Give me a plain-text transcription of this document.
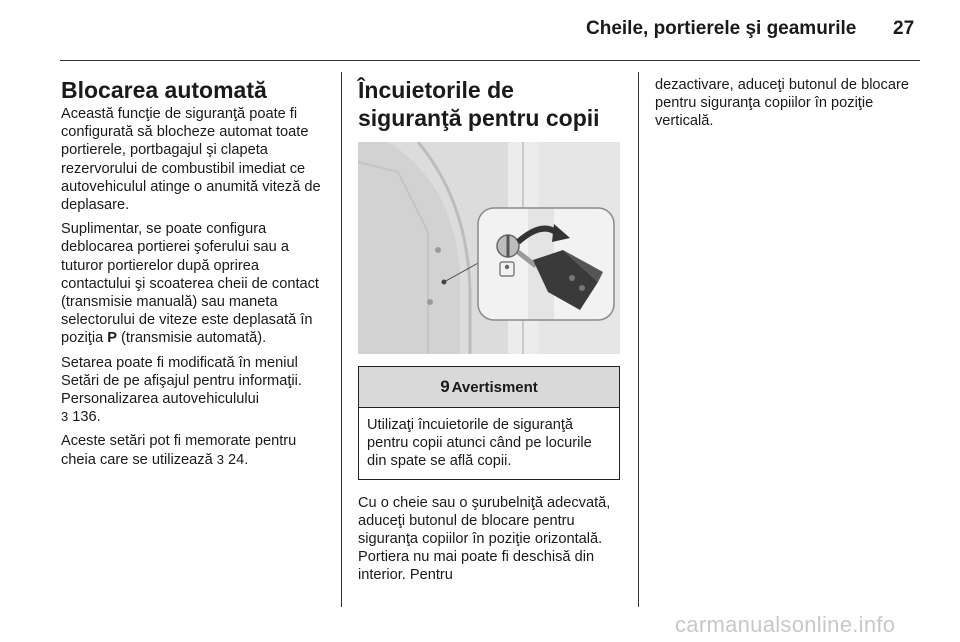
Cheile, portierele şi geamurile 27
Blocarea automată

Această funcţie de siguranţă poate fi configurată să blocheze automat toate portierele, portbagajul şi clapeta rezervorului de combustibil imediat ce autovehiculul atinge o anumită viteză de deplasare.

Suplimentar, se poate configura deblocarea portierei şoferului sau a tuturor portierelor după oprirea contactului şi scoaterea cheii de contact (transmisie manuală) sau maneta selectorului de viteze este deplasată în poziţia P (transmisie automată).

Setarea poate fi modificată în meniul Setări de pe afişajul pentru informaţii. Personalizarea autovehiculului
3 136.

Aceste setări pot fi memorate pentru cheia care se utilizează 3 24.

Încuietorile de siguranţă pentru copii
9 Avertisment
Utilizaţi încuietorile de siguranţă pentru copii atunci când pe locurile din spate se află copii.

Cu o cheie sau o şurubelniţă adecvată, aduceţi butonul de blocare pentru siguranţa copiilor în poziţie orizontală. Portiera nu mai poate fi deschisă din interior. Pentru

dezactivare, aduceţi butonul de blocare pentru siguranţa copiilor în poziţie verticală.

carmanualsonline.info
